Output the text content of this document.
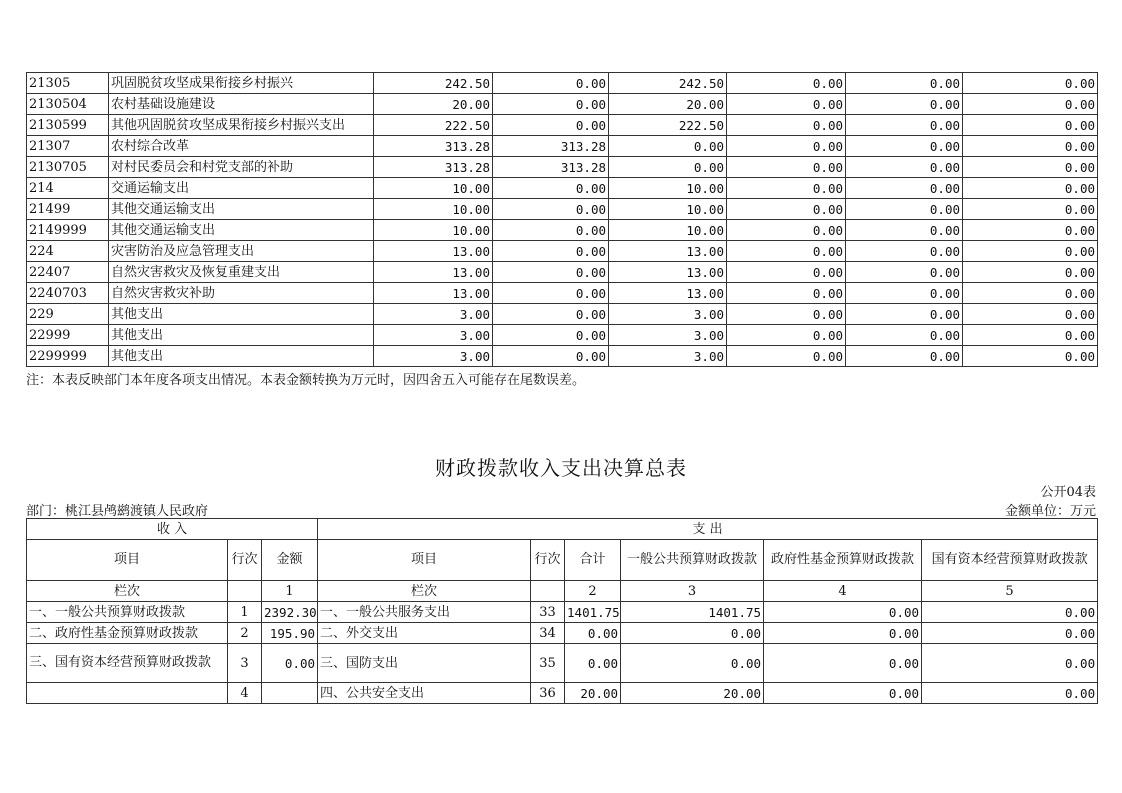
21305	巩固脱贫攻坚成果衔接乡村振兴	242.50	0.00	242.50	0.00	0.00	0.00
2130504	农村基础设施建设	20.00	0.00	20.00	0.00	0.00	0.00
2130599	其他巩固脱贫攻坚成果衔接乡村振兴支出	222.50	0.00	222.50	0.00	0.00	0.00
21307	农村综合改革	313.28	313.28	0.00	0.00	0.00	0.00
2130705	对村民委员会和村党支部的补助	313.28	313.28	0.00	0.00	0.00	0.00
214	交通运输支出	10.00	0.00	10.00	0.00	0.00	0.00
21499	其他交通运输支出	10.00	0.00	10.00	0.00	0.00	0.00
2149999	其他交通运输支出	10.00	0.00	10.00	0.00	0.00	0.00
224	灾害防治及应急管理支出	13.00	0.00	13.00	0.00	0.00	0.00
22407	自然灾害救灾及恢复重建支出	13.00	0.00	13.00	0.00	0.00	0.00
2240703	自然灾害救灾补助	13.00	0.00	13.00	0.00	0.00	0.00
229	其他支出	3.00	0.00	3.00	0.00	0.00	0.00
22999	其他支出	3.00	0.00	3.00	0.00	0.00	0.00
2299999	其他支出	3.00	0.00	3.00	0.00	0.00	0.00
注：本表反映部门本年度各项支出情况。本表金额转换为万元时，因四舍五入可能存在尾数误差。
财政拨款收入支出决算总表
公开04表
部门：桃江县鸬鹚渡镇人民政府	金额单位：万元
收 入			支 出					
项目	行次	金额	项目	行次	合计	一般公共预算财政拨款	政府性基金预算财政拨款	国有资本经营预算财政拨款
栏次		1	栏次		2	3	4	5
一、一般公共预算财政拨款	1	2392.30	一、一般公共服务支出	33	1401.75	1401.75	0.00	0.00
二、政府性基金预算财政拨款	2	195.90	二、外交支出	34	0.00	0.00	0.00	0.00
三、国有资本经营预算财政拨款	3	0.00	三、国防支出	35	0.00	0.00	0.00	0.00
	4		四、公共安全支出	36	20.00	20.00	0.00	0.00
